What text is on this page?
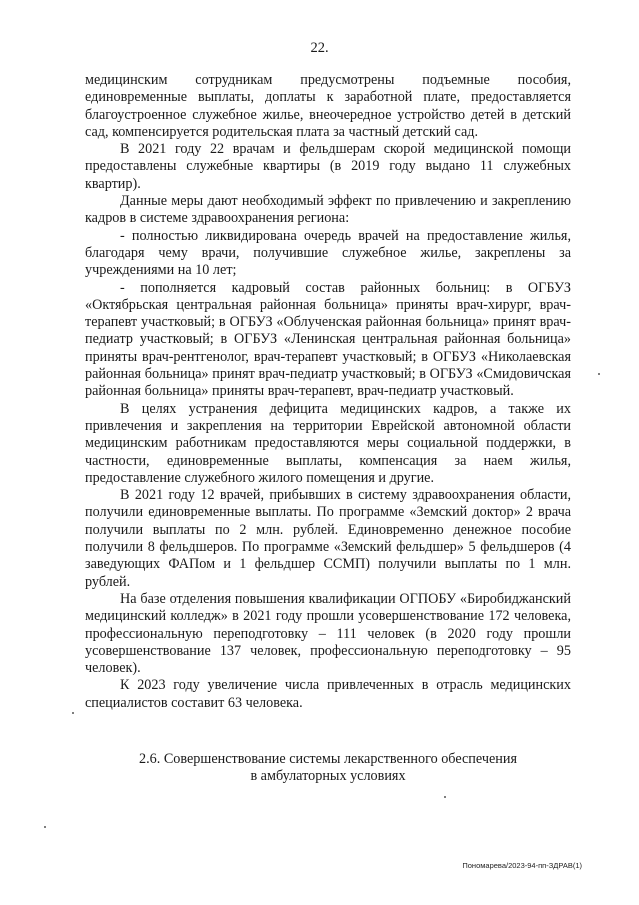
22.

медицинским сотрудникам предусмотрены подъемные пособия, единовременные выплаты, доплаты к заработной плате, предоставляется благоустроенное служебное жилье, внеочередное устройство детей в детский сад, компенсируется родительская плата за частный детский сад.

В 2021 году 22 врачам и фельдшерам скорой медицинской помощи предоставлены служебные квартиры (в 2019 году выдано 11 служебных квартир).

Данные меры дают необходимый эффект по привлечению и закреплению кадров в системе здравоохранения региона:

- полностью ликвидирована очередь врачей на предоставление жилья, благодаря чему врачи, получившие служебное жилье, закреплены за учреждениями на 10 лет;

- пополняется кадровый состав районных больниц: в ОГБУЗ «Октябрьская центральная районная больница» приняты врач-хирург, врач-терапевт участковый; в ОГБУЗ «Облученская районная больница» принят врач-педиатр участковый; в ОГБУЗ «Ленинская центральная районная больница» приняты врач-рентгенолог, врач-терапевт участковый; в ОГБУЗ «Николаевская районная больница» принят врач-педиатр участковый; в ОГБУЗ «Смидовичская районная больница» приняты врач-терапевт, врач-педиатр участковый.

В целях устранения дефицита медицинских кадров, а также их привлечения и закрепления на территории Еврейской автономной области медицинским работникам предоставляются меры социальной поддержки, в частности, единовременные выплаты, компенсация за наем жилья, предоставление служебного жилого помещения и другие.

В 2021 году 12 врачей, прибывших в систему здравоохранения области, получили единовременные выплаты. По программе «Земский доктор» 2 врача получили выплаты по 2 млн. рублей. Единовременно денежное пособие получили 8 фельдшеров. По программе «Земский фельдшер» 5 фельдшеров (4 заведующих ФАПом и 1 фельдшер ССМП) получили выплаты по 1 млн. рублей.

На базе отделения повышения квалификации ОГПОБУ «Биробиджанский медицинский колледж» в 2021 году прошли усовершенствование 172 человека, профессиональную переподготовку – 111 человек (в 2020 году прошли усовершенствование 137 человек, профессиональную переподготовку – 95 человек).

К 2023 году увеличение числа привлеченных в отрасль медицинских специалистов составит 63 человека.

2.6. Совершенствование системы лекарственного обеспечения
в амбулаторных условиях
Пономарева/2023-94-пп-ЗДРАВ(1)
